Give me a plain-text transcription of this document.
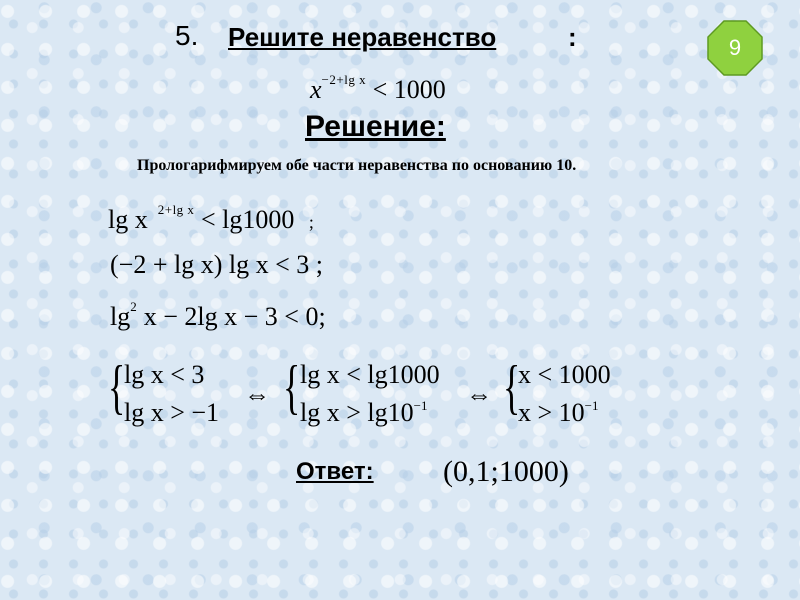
5. Решите неравенство	:	9
$x^{-2+lg x} < 1000$
Решение:
Прологарифмируем обе части неравенства по основанию 10.
lg x $^{2+lg x}$ < lg1000 ;
(−2 + lg x) lg x < 3 ;
$\lg^2 x - 2\lg$ x − 3 < 0;
{
lg x < 3
lg x > −1
⇔ { lg x < lg1000
$\lg x > \lg 10^{-1}$ ⇔ {
x < 1000
$x > 10^{-1}$
Ответ: (0,1;1000)
